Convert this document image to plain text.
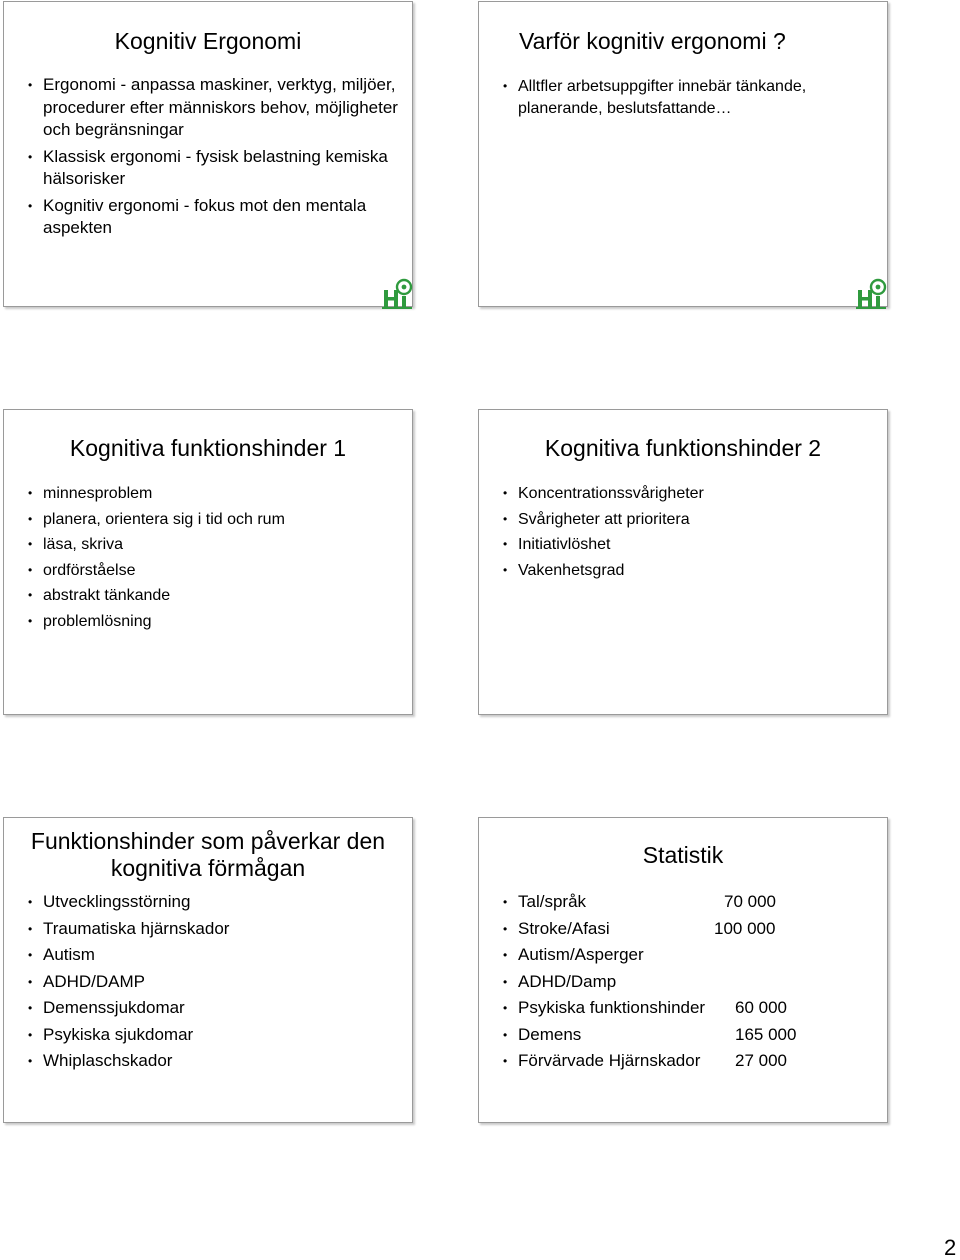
Kognitiv Ergonomi
• Ergonomi - anpassa maskiner, verktyg, miljöer, procedurer efter människors behov, möjligheter och begränsningar
• Klassisk ergonomi - fysisk belastning kemiska hälsorisker
• Kognitiv ergonomi - fokus mot den mentala aspekten
Varför kognitiv ergonomi ?
• Alltfler arbetsuppgifter innebär tänkande, planerande, beslutsfattande…
Kognitiva funktionshinder 1
• minnesproblem
• planera, orientera sig i tid och rum
• läsa, skriva
• ordförståelse
• abstrakt tänkande
• problemlösning
Kognitiva funktionshinder 2
• Koncentrationssvårigheter
• Svårigheter att prioritera
• Initiativlöshet
• Vakenhetsgrad
Funktionshinder som påverkar den
kognitiva förmågan
• Utvecklingsstörning
• Traumatiska hjärnskador
• Autism
• ADHD/DAMP
• Demenssjukdomar
• Psykiska sjukdomar
• Whiplaschskador
Statistik
• Tal/språk	70 000
• Stroke/Afasi	100 000
• Autism/Asperger
• ADHD/Damp
• Psykiska funktionshinder 60 000
• Demens	165 000
• Förvärvade Hjärnskador 27 000
2
